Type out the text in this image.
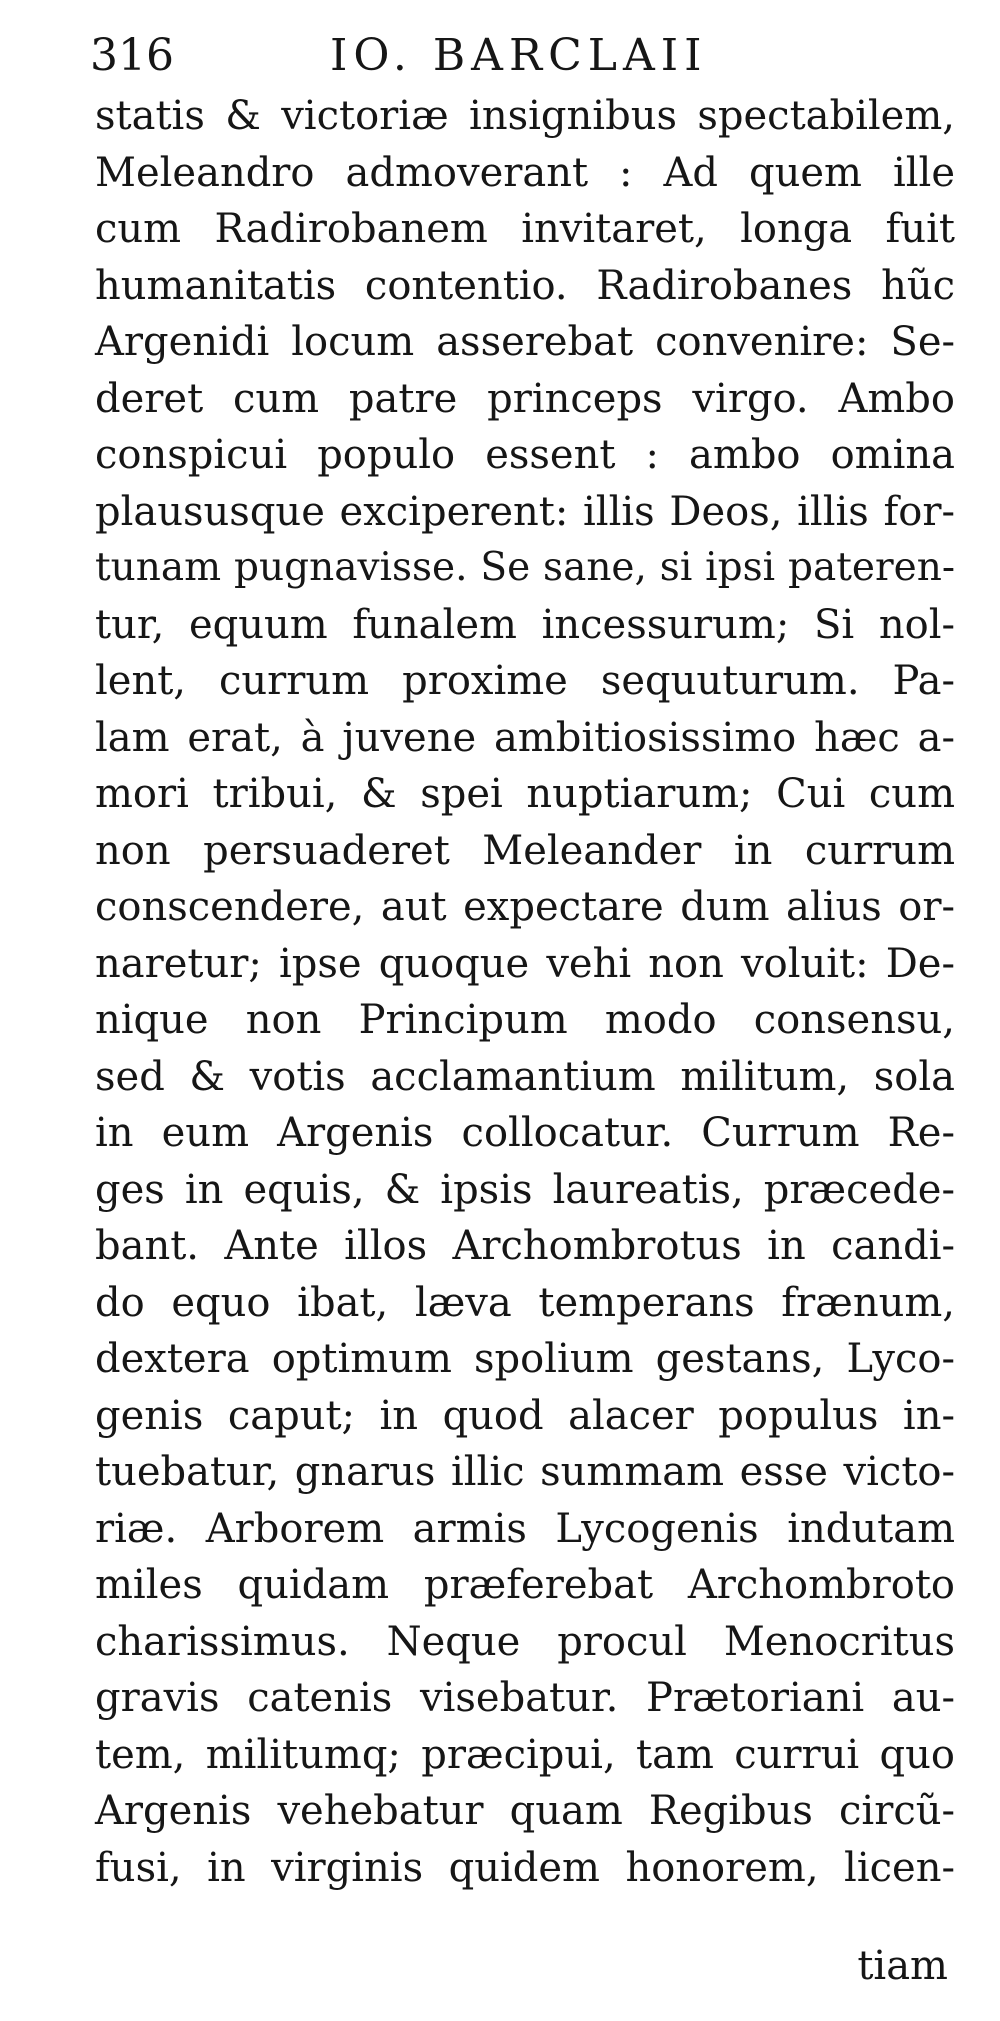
316	IO. BARCLAII
statis & victoriæ insignibus spectabilem,
Meleandro admoverant : Ad quem ille
cum Radirobanem invitaret, longa fuit
humanitatis contentio. Radirobanes hũc
Argenidi locum asserebat convenire: Se-
deret cum patre princeps virgo. Ambo
conspicui populo essent : ambo omina
plaususque exciperent: illis Deos, illis for-
tunam pugnavisse. Se sane, si ipsi pateren-
tur, equum funalem incessurum; Si nol-
lent, currum proxime sequuturum. Pa-
lam erat, à juvene ambitiosissimo hæc a-
mori tribui, & spei nuptiarum; Cui cum
non persuaderet Meleander in currum
conscendere, aut expectare dum alius or-
naretur; ipse quoque vehi non voluit: De-
nique non Principum modo consensu,
sed & votis acclamantium militum, sola
in eum Argenis collocatur. Currum Re-
ges in equis, & ipsis laureatis, præcede-
bant. Ante illos Archombrotus in candi-
do equo ibat, læva temperans frænum,
dextera optimum spolium gestans, Lyco-
genis caput; in quod alacer populus in-
tuebatur, gnarus illic summam esse victo-
riæ. Arborem armis Lycogenis indutam
miles quidam præferebat Archombroto
charissimus. Neque procul Menocritus
gravis catenis visebatur. Prætoriani au-
tem, militumq; præcipui, tam currui quo
Argenis vehebatur quam Regibus circũ-
fusi, in virginis quidem honorem, licen-
tiam
